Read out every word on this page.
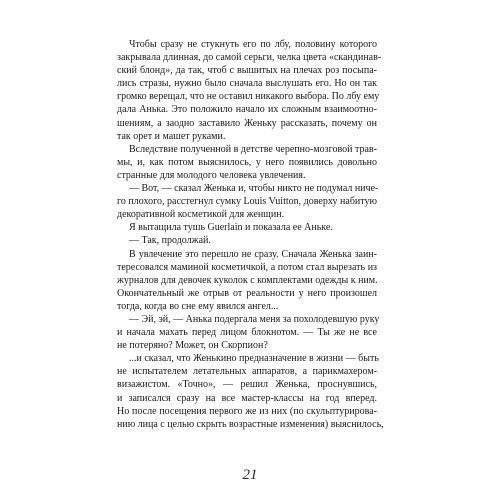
Чтобы сразу не стукнуть его по лбу, половину которого
закрывала длинная, до самой серьги, челка цвета «скандинав-
ский блонд», да так, чтоб с вышитых на плечах роз посыпа-
лись стразы, нужно было сначала выслушать его. Но он так
громко верещал, что не оставил никакого выбора. По лбу ему
дала Анька. Это положило начало их сложным взаимоотно-
шениям, а заодно заставило Женьку рассказать, почему он
так орет и машет руками.
Вследствие полученной в детстве черепно-мозговой трав-
мы, и, как потом выяснилось, у него появились довольно
странные для молодого человека увлечения.
— Вот, — сказал Женька и, чтобы никто не подумал ниче-
го плохого, расстегнул сумку Louis Vuitton, доверху набитую
декоративной косметикой для женщин.
Я вытащила тушь Guerlain и показала ее Аньке.
— Так, продолжай.
В увлечение это перешло не сразу. Сначала Женька заин-
тересовался маминой косметичкой, а потом стал вырезать из
журналов для девочек куколок с комплектами одежды к ним.
Окончательный же отрыв от реальности у него произошел
тогда, когда во сне ему явился ангел...
— Эй, эй, — Анька подергала меня за похолодевшую руку
и начала махать перед лицом блокнотом. — Ты же не все
не потеряно? Может, он Скорпион?
...и сказал, что Женькино предназначение в жизни — быть
не испытателем летательных аппаратов, а парикмахером-
визажистом. «Точно», — решил Женька, проснувшись,
и записался сразу на все мастер-классы на год вперед.
Но после посещения первого же из них (по скульптурирова-
нию лица с целью скрыть возрастные изменения) выяснилось,
21
